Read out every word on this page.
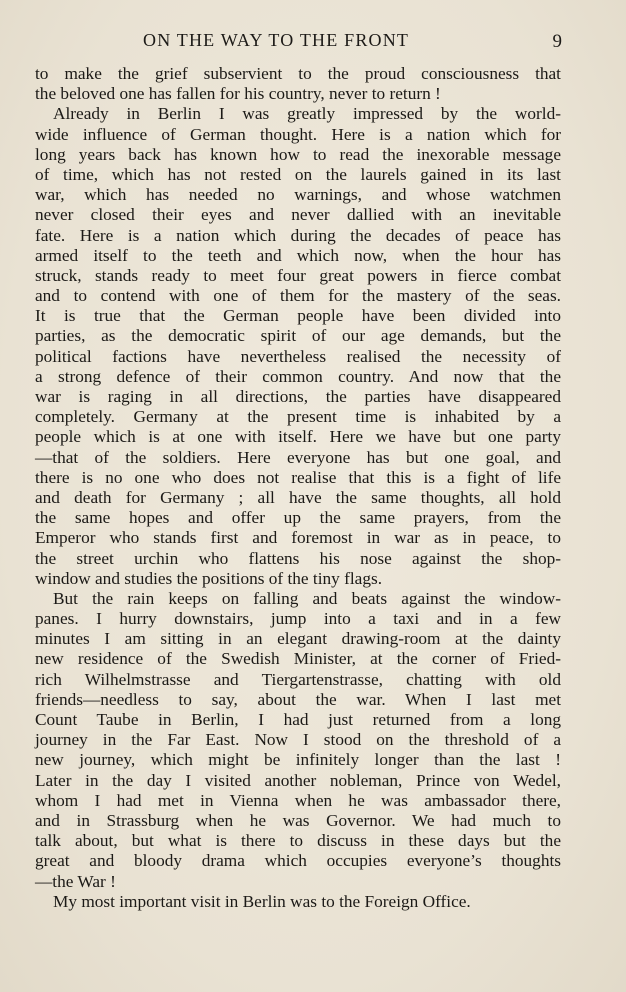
ON THE WAY TO THE FRONT	9
to make the grief subservient to the proud consciousness that
the beloved one has fallen for his country, never to return !
Already in Berlin I was greatly impressed by the world-
wide influence of German thought. Here is a nation which for
long years back has known how to read the inexorable message
of time, which has not rested on the laurels gained in its last
war, which has needed no warnings, and whose watchmen
never closed their eyes and never dallied with an inevitable
fate. Here is a nation which during the decades of peace has
armed itself to the teeth and which now, when the hour has
struck, stands ready to meet four great powers in fierce combat
and to contend with one of them for the mastery of the seas.
It is true that the German people have been divided into
parties, as the democratic spirit of our age demands, but the
political factions have nevertheless realised the necessity of
a strong defence of their common country. And now that the
war is raging in all directions, the parties have disappeared
completely. Germany at the present time is inhabited by a
people which is at one with itself. Here we have but one party
—that of the soldiers. Here everyone has but one goal, and
there is no one who does not realise that this is a fight of life
and death for Germany ; all have the same thoughts, all hold
the same hopes and offer up the same prayers, from the
Emperor who stands first and foremost in war as in peace, to
the street urchin who flattens his nose against the shop-
window and studies the positions of the tiny flags.
But the rain keeps on falling and beats against the window-
panes. I hurry downstairs, jump into a taxi and in a few
minutes I am sitting in an elegant drawing-room at the dainty
new residence of the Swedish Minister, at the corner of Fried-
rich Wilhelmstrasse and Tiergartenstrasse, chatting with old
friends—needless to say, about the war. When I last met
Count Taube in Berlin, I had just returned from a long
journey in the Far East. Now I stood on the threshold of a
new journey, which might be infinitely longer than the last !
Later in the day I visited another nobleman, Prince von Wedel,
whom I had met in Vienna when he was ambassador there,
and in Strassburg when he was Governor. We had much to
talk about, but what is there to discuss in these days but the
great and bloody drama which occupies everyone’s thoughts
—the War !
My most important visit in Berlin was to the Foreign Office.
